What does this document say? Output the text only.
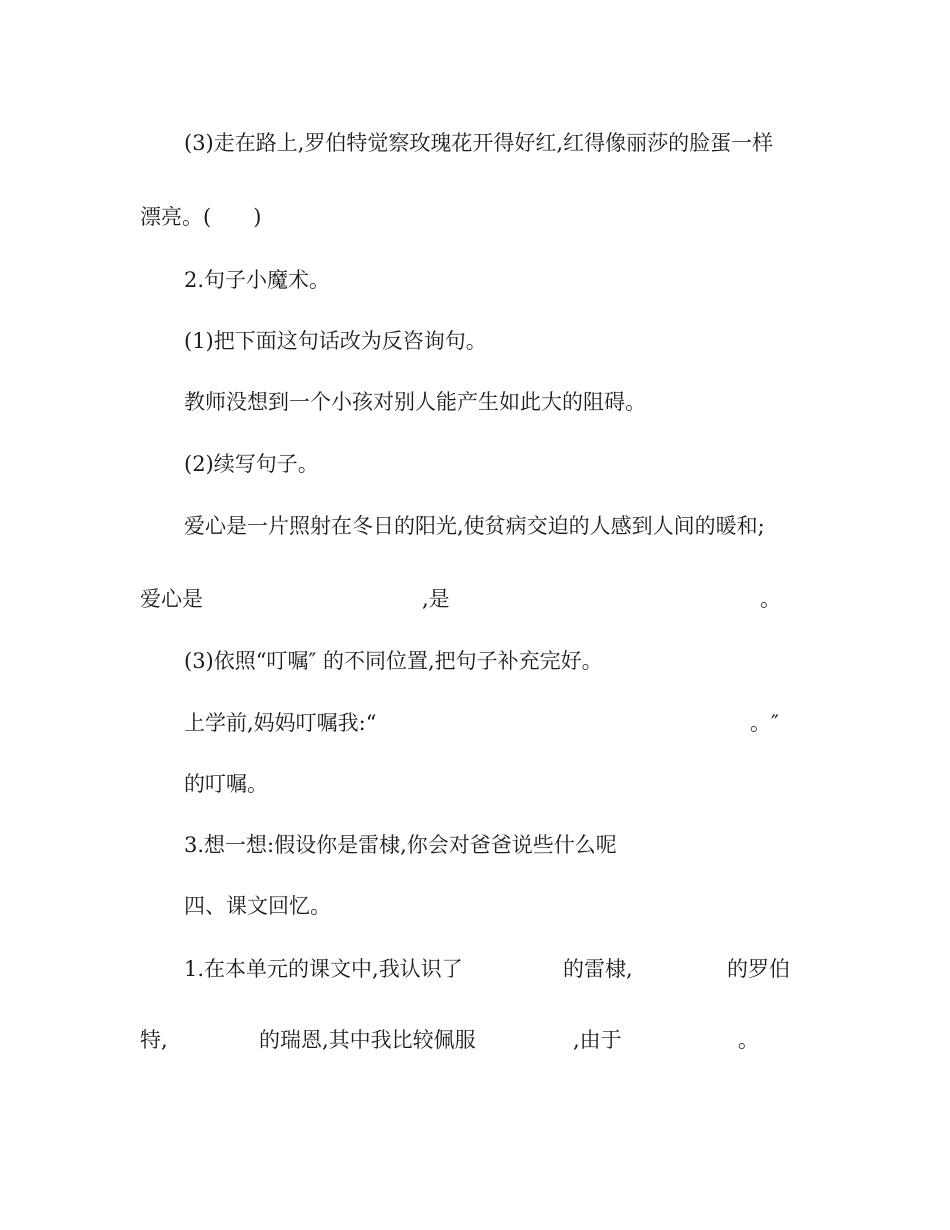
(3)走在路上,罗伯特觉察玫瑰花开得好红,红得像丽莎的脸蛋一样
漂亮。(　　)
2.句子小魔术。
(1)把下面这句话改为反咨询句。
教师没想到一个小孩对别人能产生如此大的阻碍。
(2)续写句子。
爱心是一片照射在冬日的阳光,使贫病交迫的人感到人间的暖和;
爱心是	,是	。
(3)依照“叮嘱″ 的不同位置,把句子补充完好。
上学前,妈妈叮嘱我:“	。″
的叮嘱。
3.想一想:假设你是雷棣,你会对爸爸说些什么呢
四、课文回忆。
1.在本单元的课文中,我认识了	的雷棣,	的罗伯
特,	的瑞恩,其中我比较佩服	,由于	。
